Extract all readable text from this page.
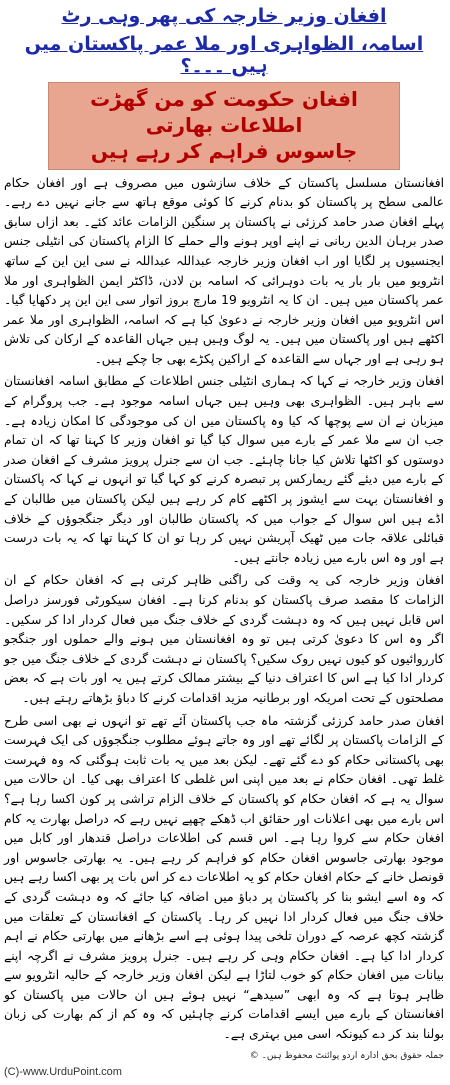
افغان وزیر خارجہ کی پھر وہی رٹ
اسامہ، الظواہری اور ملا عمر پاکستان میں ہیں ۔۔۔؟
افغان حکومت کو من گھڑت اطلاعات بھارتی
جاسوس فراہم کر رہے ہیں

افغانستان مسلسل پاکستان کے خلاف سازشوں میں مصروف ہے اور افغان حکام عالمی سطح پر پاکستان کو بدنام کرنے کا کوئی موقع ہاتھ سے جانے نہیں دے رہے۔ پہلے افغان صدر حامد کرزئی نے پاکستان پر سنگین الزامات عائد کئے۔ بعد ازاں سابق صدر برہان الدین ربانی نے اپنے اوپر ہونے والے حملے کا الزام پاکستان کی انٹیلی جنس ایجنسیوں پر لگایا اور اب افغان وزیر خارجہ عبداللہ عبداللہ نے سی این این کے ساتھ انٹرویو میں بار بار یہ بات دوہرائی کہ اسامہ بن لادن، ڈاکٹر ایمن الظواہری اور ملا عمر پاکستان میں ہیں۔ ان کا یہ انٹرویو 19 مارچ بروز اتوار سی این این پر دکھایا گیا۔ اس انٹرویو میں افغان وزیر خارجہ نے دعویٰ کیا ہے کہ اسامہ، الظواہری اور ملا عمر اکٹھے ہیں اور پاکستان میں ہیں۔ یہ لوگ وہیں ہیں جہاں القاعدہ کے ارکان کی تلاش ہو رہی ہے اور جہاں سے القاعدہ کے اراکین پکڑے بھی جا چکے ہیں۔

افغان وزیر خارجہ نے کہا کہ ہماری انٹیلی جنس اطلاعات کے مطابق اسامہ افغانستان سے باہر ہیں۔ الظواہری بھی وہیں ہیں جہاں اسامہ موجود ہے۔ جب پروگرام کے میزبان نے ان سے پوچھا کہ کیا وہ پاکستان میں ان کی موجودگی کا امکان زیادہ ہے۔ جب ان سے ملا عمر کے بارے میں سوال کیا گیا تو افغان وزیر کا کہنا تھا کہ ان تمام دوستوں کو اکٹھا تلاش کیا جانا چاہئے۔ جب ان سے جنرل پرویز مشرف کے افغان صدر کے بارے میں دیئے گئے ریمارکس پر تبصرہ کرنے کو کہا گیا تو انہوں نے کہا کہ پاکستان و افغانستان بہت سے ایشوز پر اکٹھے کام کر رہے ہیں لیکن پاکستان میں طالبان کے اڈے ہیں اس سوال کے جواب میں کہ پاکستان طالبان اور دیگر جنگجوؤں کے خلاف قبائلی علاقہ جات میں ٹھیک آپریشن نہیں کر رہا تو ان کا کہنا تھا کہ یہ بات درست ہے اور وہ اس بارے میں زیادہ جانتے ہیں۔

افغان وزیر خارجہ کی یہ وقت کی راگنی ظاہر کرتی ہے کہ افغان حکام کے ان الزامات کا مقصد صرف پاکستان کو بدنام کرنا ہے۔ افغان سیکورٹی فورسز دراصل اس قابل نہیں ہیں کہ وہ دہشت گردی کے خلاف جنگ میں فعال کردار ادا کر سکیں۔ اگر وہ اس کا دعویٰ کرتی ہیں تو وہ افغانستان میں ہونے والے حملوں اور جنگجو کارروائیوں کو کیوں نہیں روک سکیں؟ پاکستان نے دہشت گردی کے خلاف جنگ میں جو کردار ادا کیا ہے اس کا اعتراف دنیا کے بیشتر ممالک کرتے ہیں یہ اور بات ہے کہ بعض مصلحتوں کے تحت امریکہ اور برطانیہ مزید اقدامات کرنے کا دباؤ بڑھاتے رہتے ہیں۔

افغان صدر حامد کرزئی گزشتہ ماہ جب پاکستان آئے تھے تو انہوں نے بھی اسی طرح کے الزامات پاکستان پر لگائے تھے اور وہ جاتے ہوئے مطلوب جنگجوؤں کی ایک فہرست بھی پاکستانی حکام کو دے گئے تھے۔ لیکن بعد میں یہ بات ثابت ہوگئی کہ وہ فہرست غلط تھی۔ افغان حکام نے بعد میں اپنی اس غلطی کا اعتراف بھی کیا۔ ان حالات میں سوال یہ ہے کہ افغان حکام کو پاکستان کے خلاف الزام تراشی پر کون اکسا رہا ہے؟ اس بارے میں بھی اعلانات اور حقائق اب ڈھکے چھپے نہیں رہے کہ دراصل بھارت یہ کام افغان حکام سے کروا رہا ہے۔ اس قسم کی اطلاعات دراصل قندھار اور کابل میں موجود بھارتی جاسوس افغان حکام کو فراہم کر رہے ہیں۔ یہ بھارتی جاسوس اور قونصل خانے کے حکام افغان حکام کو یہ اطلاعات دے کر اس بات پر بھی اکسا رہے ہیں کہ وہ اسے ایشو بنا کر پاکستان پر دباؤ میں اضافہ کیا جائے کہ وہ دہشت گردی کے خلاف جنگ میں فعال کردار ادا نہیں کر رہا۔ پاکستان کے افغانستان کے تعلقات میں گزشتہ کچھ عرصہ کے دوران تلخی پیدا ہوئی ہے اسے بڑھانے میں بھارتی حکام نے اہم کردار ادا کیا ہے۔ افغان حکام وہی کر رہے ہیں۔ جنرل پرویز مشرف نے اگرچہ اپنے بیانات میں افغان حکام کو خوب لتاڑا ہے لیکن افغان وزیر خارجہ کے حالیہ انٹرویو سے ظاہر ہوتا ہے کہ وہ ابھی ”سیدھے“ نہیں ہوئے ہیں ان حالات میں پاکستان کو افغانستان کے بارے میں ایسے اقدامات کرنے چاہئیں کہ وہ کم از کم بھارت کی زبان بولنا بند کر دے کیونکہ اسی میں بہتری ہے۔

جملہ حقوق بحق ادارہ اردو پوائنٹ محفوظ ہیں۔ ©
(C)-www.UrduPoint.com
